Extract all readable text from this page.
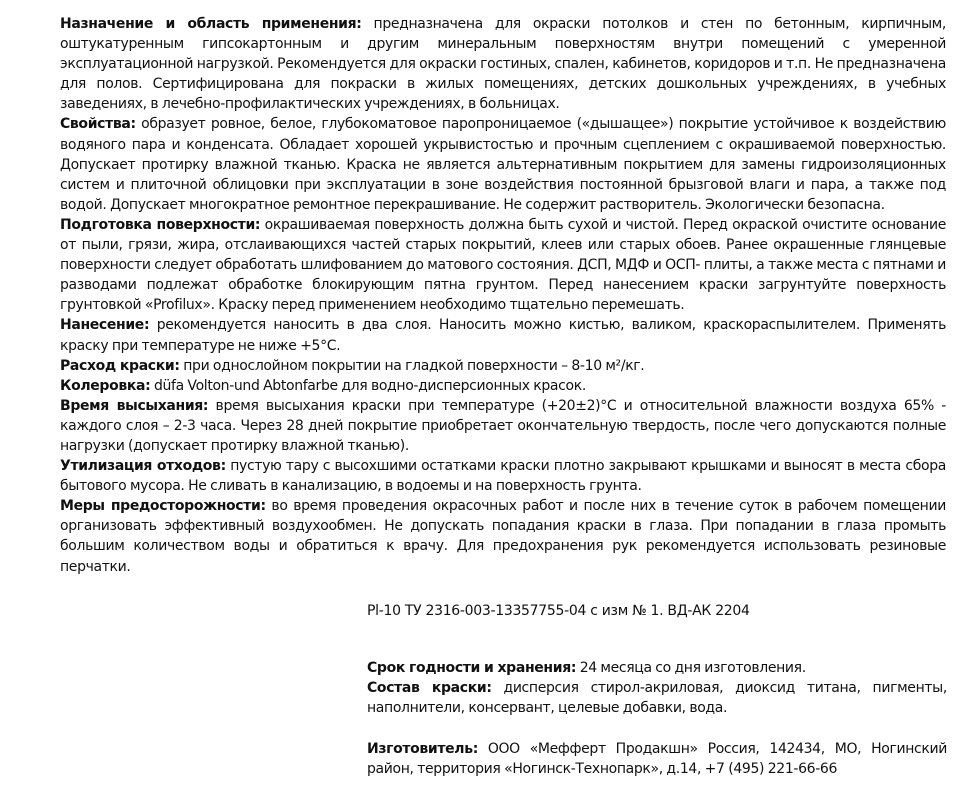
Назначение и область применения: предназначена для окраски потолков и стен по бетонным, кирпичным, оштукатуренным гипсокартонным и другим минеральным поверхностям внутри помещений с умеренной эксплуатационной нагрузкой. Рекомендуется для окраски гостиных, спален, кабинетов, коридоров и т.п. Не предназначена для полов. Сертифицирована для покраски в жилых помещениях, детских дошкольных учреждениях, в учебных заведениях, в лечебно-профилактических учреждениях, в больницах.

Свойства: образует ровное, белое, глубокоматовое паропроницаемое («дышащее») покрытие устойчивое к воздействию водяного пара и конденсата. Обладает хорошей укрывистостью и прочным сцеплением с окрашиваемой поверхностью. Допускает протирку влажной тканью. Краска не является альтернативным покрытием для замены гидроизоляционных систем и плиточной облицовки при эксплуатации в зоне воздействия постоянной брызговой влаги и пара, а также под водой. Допускает многократное ремонтное перекрашивание. Не содержит растворитель. Экологически безопасна.

Подготовка поверхности: окрашиваемая поверхность должна быть сухой и чистой. Перед окраской очистите основание от пыли, грязи, жира, отслаивающихся частей старых покрытий, клеев или старых обоев. Ранее окрашенные глянцевые поверхности следует обработать шлифованием до матового состояния. ДСП, МДФ и ОСП- плиты, а также места с пятнами и разводами подлежат обработке блокирующим пятна грунтом. Перед нанесением краски загрунтуйте поверхность грунтовкой «Profilux». Краску перед применением необходимо тщательно перемешать.

Нанесение: рекомендуется наносить в два слоя. Наносить можно кистью, валиком, краскораспылителем. Применять краску при температуре не ниже +5°С.

Расход краски: при однослойном покрытии на гладкой поверхности – 8-10 м²/кг.

Колеровка: düfa Volton-und Abtonfarbe для водно-дисперсионных красок.

Время высыхания: время высыхания краски при температуре (+20±2)°С и относительной влажности воздуха 65% - каждого слоя – 2-3 часа. Через 28 дней покрытие приобретает окончательную твердость, после чего допускаются полные нагрузки (допускает протирку влажной тканью).

Утилизация отходов: пустую тару с высохшими остатками краски плотно закрывают крышками и выносят в места сбора бытового мусора. Не сливать в канализацию, в водоемы и на поверхность грунта.

Меры предосторожности: во время проведения окрасочных работ и после них в течение суток в рабочем помещении организовать эффективный воздухообмен. Не допускать попадания краски в глаза. При попадании в глаза промыть большим количеством воды и обратиться к врачу. Для предохранения рук рекомендуется использовать резиновые перчатки.

Pl-10 ТУ 2316-003-13357755-04 с изм № 1. ВД-АК 2204

Срок годности и хранения: 24 месяца со дня изготовления.

Состав краски: дисперсия стирол-акриловая, диоксид титана, пигменты, наполнители, консервант, целевые добавки, вода.

Изготовитель: ООО «Мефферт Продакшн» Россия, 142434, МО, Ногинский район, территория «Ногинск-Технопарк», д.14, +7 (495) 221-66-66
